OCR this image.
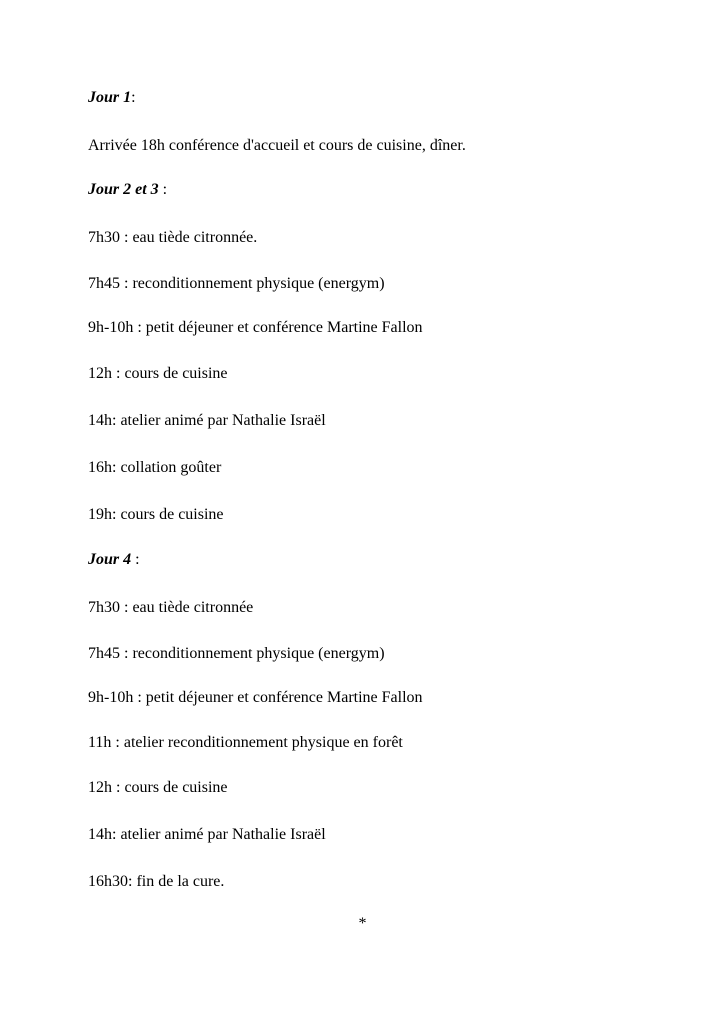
Jour 1:
Arrivée 18h conférence d'accueil et cours de cuisine, dîner.
Jour 2 et 3 :
7h30 : eau tiède citronnée.
7h45 : reconditionnement physique (energym)
9h-10h : petit déjeuner et conférence Martine Fallon
12h : cours de cuisine
14h: atelier animé par Nathalie Israël
16h: collation goûter
19h: cours de cuisine
Jour 4 :
7h30 : eau tiède citronnée
7h45 : reconditionnement physique (energym)
9h-10h : petit déjeuner et conférence Martine Fallon
11h : atelier reconditionnement physique en forêt
12h : cours de cuisine
14h: atelier animé par Nathalie Israël
16h30: fin de la cure.
*
